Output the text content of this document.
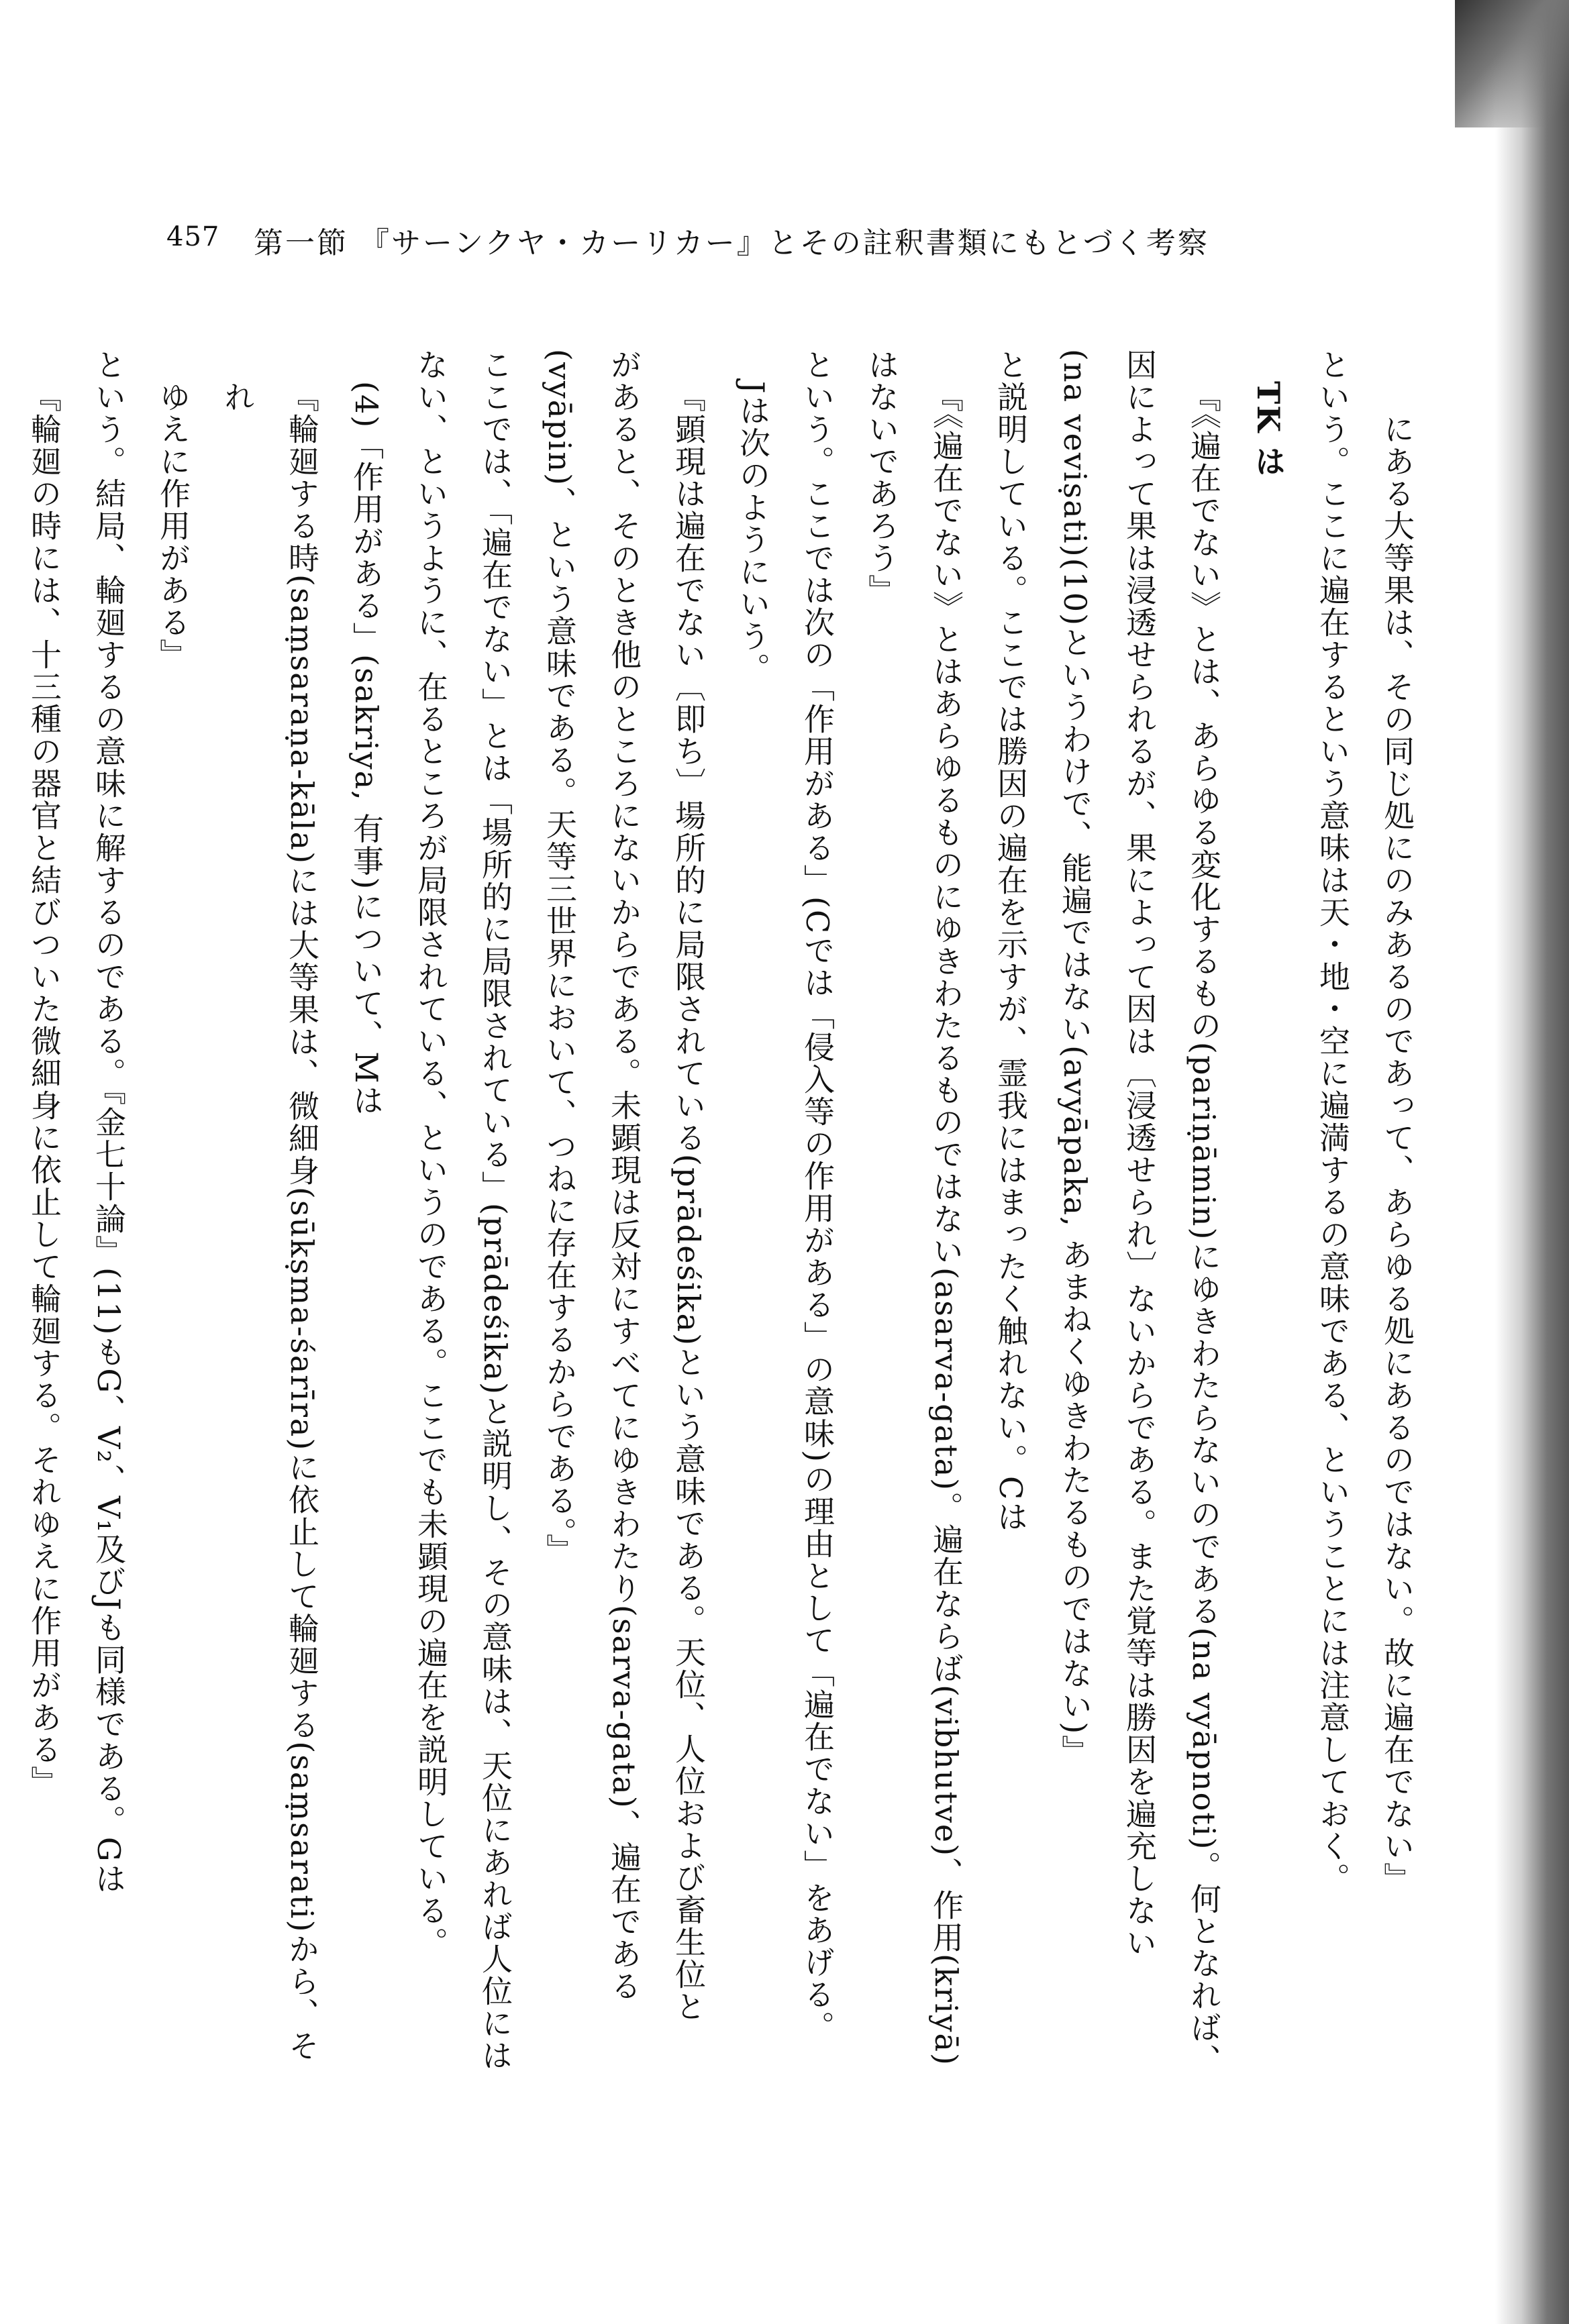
457 第一節 『サーンクヤ・カーリカー』とその註釈書類にもとづく考察

にある大等果は、その同じ処にのみあるのであって、あらゆる処にあるのではない。故に遍在でない』

という。ここに遍在するという意味は天・地・空に遍満するの意味である、ということには注意しておく。

TK は

『《遍在でない》とは、あらゆる変化するもの(pariṇāmin)にゆきわたらないのである(na vyāpnoti)。何となれば、

因によって果は浸透せられるが、果によって因は〔浸透せられ〕ないからである。また覚等は勝因を遍充しない

(na veviṣati)(10)というわけで、能遍ではない(avyāpaka, あまねくゆきわたるものではない)』

と説明している。ここでは勝因の遍在を示すが、霊我にはまったく触れない。Cは

『《遍在でない》とはあらゆるものにゆきわたるものではない(asarva-gata)。遍在ならば(vibhutve)、作用(kriyā)

はないであろう』

という。ここでは次の「作用がある」(Cでは「侵入等の作用がある」の意味)の理由として「遍在でない」をあげる。

Jは次のようにいう。

『顕現は遍在でない〔即ち〕場所的に局限されている(prādeśika)という意味である。天位、人位および畜生位と

があると、そのとき他のところにないからである。未顕現は反対にすべてにゆきわたり(sarva-gata)、遍在である

(vyāpin)、という意味である。天等三世界において、つねに存在するからである。』

ここでは、「遍在でない」とは「場所的に局限されている」(prādeśika)と説明し、その意味は、天位にあれば人位には

ない、というように、在るところが局限されている、というのである。ここでも未顕現の遍在を説明している。

(4)「作用がある」(sakriya, 有事)について、Mは

『輪廻する時(saṃsaraṇa-kāla)には大等果は、微細身(sūkṣma-śarīra)に依止して輪廻する(saṃsarati)から、それ

ゆえに作用がある』

という。結局、輪廻するの意味に解するのである。『金七十論』(11)もG、V₂、V₁及びJも同様である。Gは

『輪廻の時には、十三種の器官と結びついた微細身に依止して輪廻する。それゆえに作用がある』
